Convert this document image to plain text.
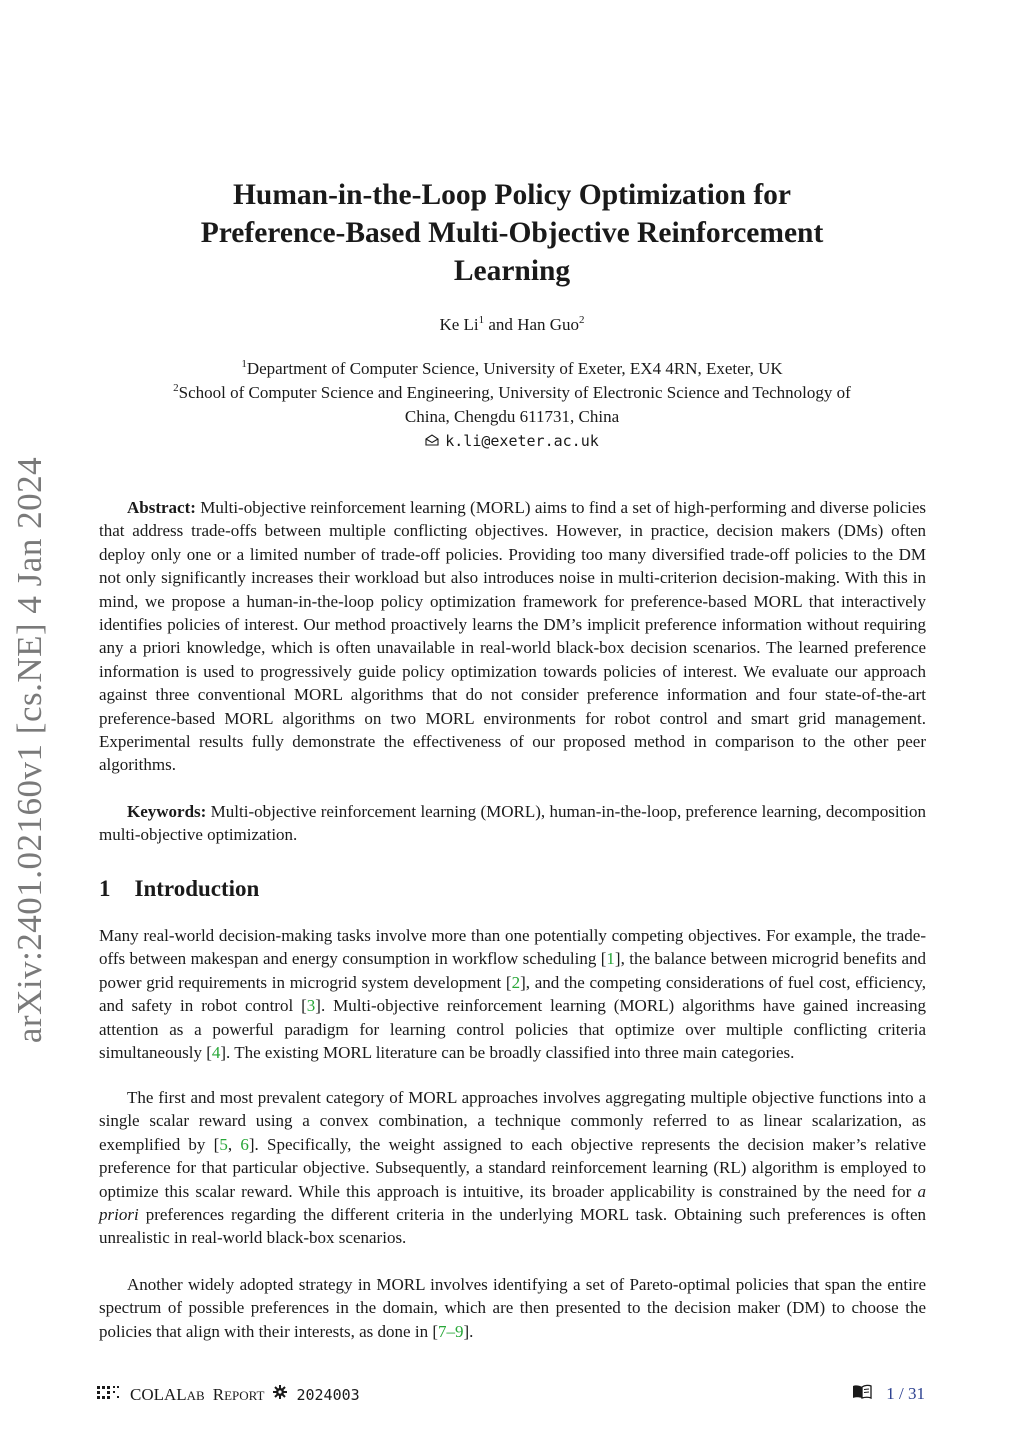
arXiv:2401.02160v1 [cs.NE] 4 Jan 2024
Human-in-the-Loop Policy Optimization for
Preference-Based Multi-Objective Reinforcement
Learning
Ke Li$^1$ and Han Guo$^2$
$^1$Department of Computer Science, University of Exeter, EX4 4RN, Exeter, UK
$^2$School of Computer Science and Engineering, University of Electronic Science and Technology of
China, Chengdu 611731, China
k.li@exeter.ac.uk

Abstract: Multi-objective reinforcement learning (MORL) aims to find a set of high-performing and diverse policies that address trade-offs between multiple conflicting objectives. However, in practice, decision makers (DMs) often deploy only one or a limited number of trade-off policies. Providing too many diversified trade-off policies to the DM not only significantly increases their workload but also introduces noise in multi-criterion decision-making. With this in mind, we propose a human-in-the-loop policy optimization framework for preference-based MORL that interactively identifies policies of interest. Our method proactively learns the DM’s implicit preference information without requiring any a priori knowledge, which is often unavailable in real-world black-box decision scenarios. The learned preference information is used to progressively guide policy optimization towards policies of interest. We evaluate our approach against three conventional MORL algorithms that do not consider preference information and four state-of-the-art preference-based MORL algorithms on two MORL environments for robot control and smart grid management. Experimental results fully demonstrate the effectiveness of our proposed method in comparison to the other peer algorithms.

Keywords: Multi-objective reinforcement learning (MORL), human-in-the-loop, preference learning, decomposition multi-objective optimization.

1 Introduction

Many real-world decision-making tasks involve more than one potentially competing objectives. For example, the trade-offs between makespan and energy consumption in workflow scheduling [1], the balance between microgrid benefits and power grid requirements in microgrid system development [2], and the competing considerations of fuel cost, efficiency, and safety in robot control [3]. Multi-objective reinforcement learning (MORL) algorithms have gained increasing attention as a powerful paradigm for learning control policies that optimize over multiple conflicting criteria simultaneously [4]. The existing MORL literature can be broadly classified into three main categories.

The first and most prevalent category of MORL approaches involves aggregating multiple objective functions into a single scalar reward using a convex combination, a technique commonly referred to as linear scalarization, as exemplified by [5, 6]. Specifically, the weight assigned to each objective represents the decision maker’s relative preference for that particular objective. Subsequently, a standard reinforcement learning (RL) algorithm is employed to optimize this scalar reward. While this approach is intuitive, its broader applicability is constrained by the need for a priori preferences regarding the different criteria in the underlying MORL task. Obtaining such preferences is often unrealistic in real-world black-box scenarios.

Another widely adopted strategy in MORL involves identifying a set of Pareto-optimal policies that span the entire spectrum of possible preferences in the domain, which are then presented to the decision maker (DM) to choose the policies that align with their interests, as done in [7–9].

COLALAB REPORT 2024003	1 / 31
